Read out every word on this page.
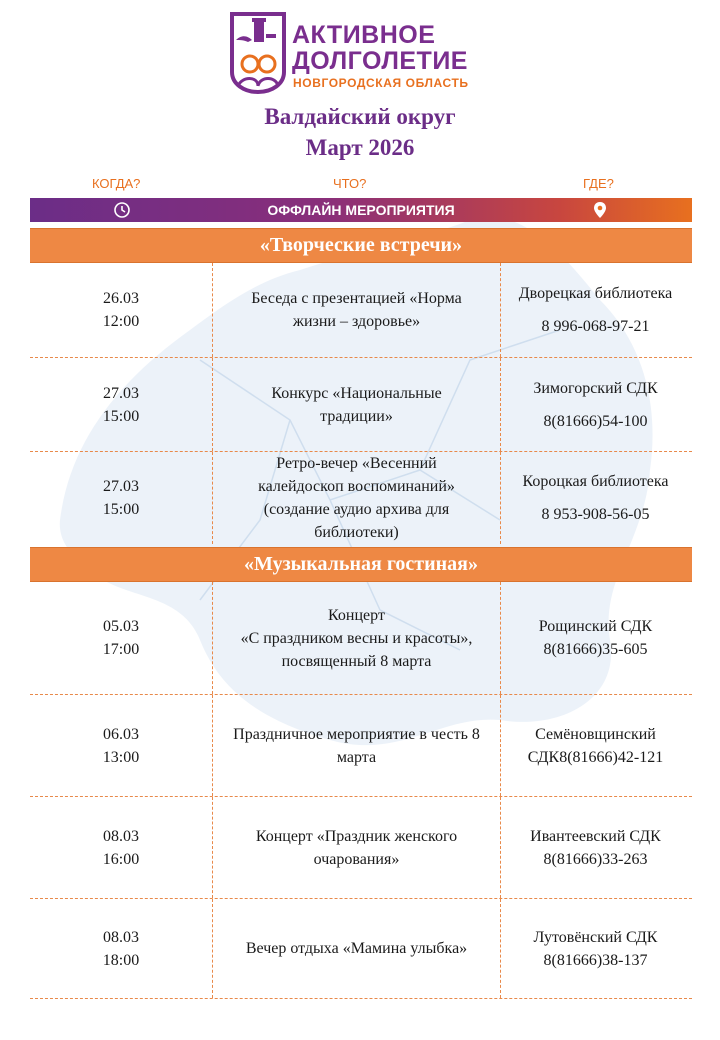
АКТИВНОЕ
ДОЛГОЛЕТИЕ
НОВГОРОДСКАЯ ОБЛАСТЬ
Валдайский округ
Март 2026
КОГДА?	ЧТО?	ГДЕ?
ОФФЛАЙН МЕРОПРИЯТИЯ
«Творческие встречи»
26.03
12:00
Беседа с презентацией «Норма
жизни – здоровье»
Дворецкая библиотека
8 996-068-97-21
27.03
15:00
Конкурс «Национальные
традиции»
Зимогорский СДК
8(81666)54-100
27.03
15:00
Ретро-вечер «Весенний
калейдоскоп воспоминаний»
(создание аудио архива для
библиотеки)
Короцкая библиотека
8 953-908-56-05
«Музыкальная гостиная»
05.03
17:00
Концерт
«С праздником весны и красоты»,
посвященный 8 марта
Рощинский СДК
8(81666)35-605
06.03
13:00
Праздничное мероприятие в честь 8
марта
Семёновщинский
СДК8(81666)42-121
08.03
16:00
Концерт «Праздник женского
очарования»
Ивантеевский СДК
8(81666)33-263
08.03
18:00
Вечер отдыха «Мамина улыбка»
Лутовёнский СДК
8(81666)38-137
